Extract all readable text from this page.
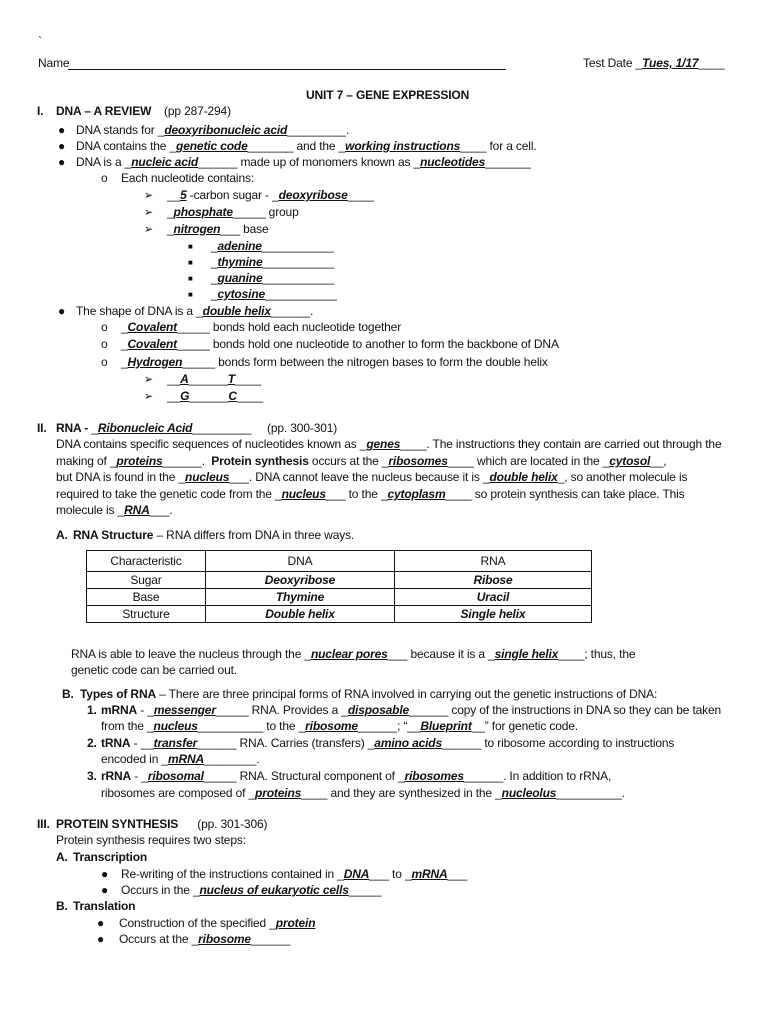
`
Name	Test Date _Tues, 1/17____
UNIT 7 – GENE EXPRESSION
I. DNA – A REVIEW (pp 287-294)
● DNA stands for _deoxyribonucleic acid_________.
● DNA contains the _genetic code_______ and the _working instructions____ for a cell.
● DNA is a _nucleic acid______ made up of monomers known as _nucleotides_______
o Each nucleotide contains:
➢ __5 -carbon sugar - _deoxyribose____
➢ _phosphate_____ group
➢ _nitrogen___ base
■ _adenine___________
■ _thymine___________
■ _guanine___________
■ _cytosine___________
● The shape of DNA is a _double helix______.
o _Covalent_____ bonds hold each nucleotide together
o _Covalent_____ bonds hold one nucleotide to another to form the backbone of DNA
o _Hydrogen_____ bonds form between the nitrogen bases to form the double helix
➢ __A______T____
➢ __G______C____
II. RNA - _Ribonucleic Acid_________     (pp. 300-301)
DNA contains specific sequences of nucleotides known as _genes____. The instructions they contain are carried out through the
making of _proteins______.  Protein synthesis occurs at the _ribosomes____ which are located in the _cytosol__,
but DNA is found in the _nucleus___. DNA cannot leave the nucleus because it is _double helix_, so another molecule is
required to take the genetic code from the _nucleus___ to the _cytoplasm____ so protein synthesis can take place. This
molecule is _RNA___.
A. RNA Structure – RNA differs from DNA in three ways.
Characteristic	DNA	RNA
Sugar	Deoxyribose	Ribose
Base	Thymine	Uracil
Structure	Double helix	Single helix
RNA is able to leave the nucleus through the _nuclear pores___ because it is a _single helix____; thus, the
genetic code can be carried out.
B. Types of RNA – There are three principal forms of RNA involved in carrying out the genetic instructions of DNA:
1. mRNA - _messenger_____ RNA. Provides a _disposable______ copy of the instructions in DNA so they can be taken
from the _nucleus__________ to the _ribosome______; “__Blueprint__” for genetic code.
2. tRNA - __transfer______ RNA. Carries (transfers) _amino acids______ to ribosome according to instructions
encoded in _mRNA________.
3. rRNA - _ribosomal_____ RNA. Structural component of _ribosomes______. In addition to rRNA,
ribosomes are composed of _proteins____ and they are synthesized in the _nucleolus__________.
III. PROTEIN SYNTHESIS (pp. 301-306)
Protein synthesis requires two steps:
A. Transcription
● Re-writing of the instructions contained in _DNA___ to _mRNA___
● Occurs in the _nucleus of eukaryotic cells_____
B. Translation
● Construction of the specified _protein
● Occurs at the _ribosome______
